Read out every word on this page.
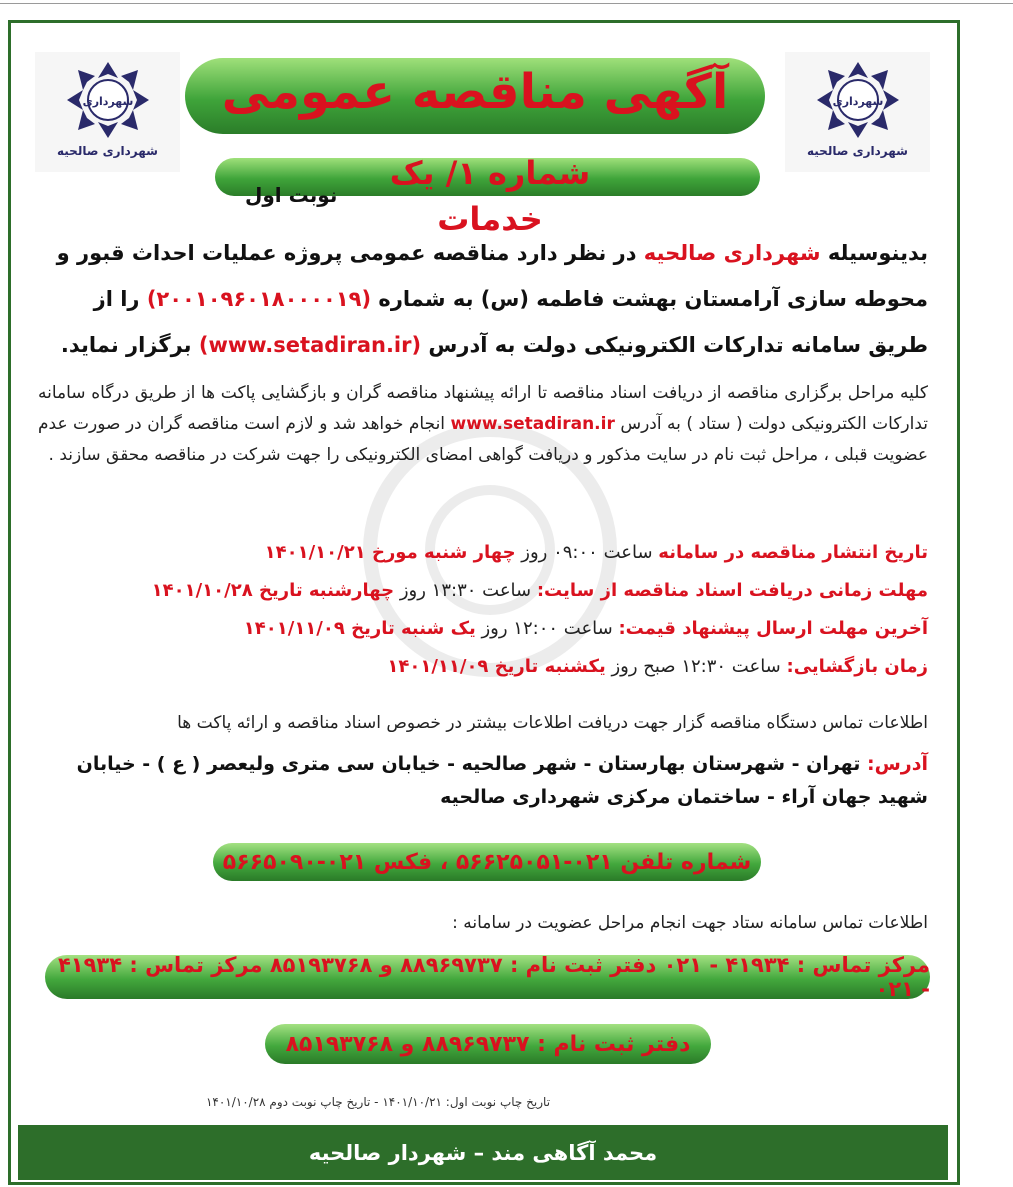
شهرداری
شهرداری صالحیه
شهرداری
شهرداری صالحیه
آگهی مناقصه عمومی
شماره ۱/ یک خدمات
نوبت اول
بدینوسیله شهرداری صالحیه در نظر دارد مناقصه عمومی پروژه عملیات احداث قبور و محوطه سازی آرامستان بهشت فاطمه (س) به شماره (۲۰۰۱۰۹۶۰۱۸۰۰۰۰۱۹) را از طریق سامانه تدارکات الکترونیکی دولت به آدرس (www.setadiran.ir) برگزار نماید.
کلیه مراحل برگزاری مناقصه از دریافت اسناد مناقصه تا ارائه پیشنهاد مناقصه گران و بازگشایی پاکت ها از طریق درگاه سامانه تدارکات الکترونیکی دولت ( ستاد ) به آدرس www.setadiran.ir انجام خواهد شد و لازم است مناقصه گران در صورت عدم عضویت قبلی ، مراحل ثبت نام در سایت مذکور و دریافت گواهی امضای الکترونیکی را جهت شرکت در مناقصه محقق سازند .
تاریخ انتشار مناقصه در سامانه ساعت ۰۹:۰۰ روز چهار شنبه مورخ ۱۴۰۱/۱۰/۲۱
مهلت زمانی دریافت اسناد مناقصه از سایت: ساعت ۱۳:۳۰ روز چهارشنبه تاریخ ۱۴۰۱/۱۰/۲۸
آخرین مهلت ارسال پیشنهاد قیمت: ساعت ۱۲:۰۰ روز یک شنبه تاریخ ۱۴۰۱/۱۱/۰۹
زمان بازگشایی: ساعت ۱۲:۳۰ صبح روز یکشنبه تاریخ ۱۴۰۱/۱۱/۰۹
اطلاعات تماس دستگاه مناقصه گزار جهت دریافت اطلاعات بیشتر در خصوص اسناد مناقصه و ارائه پاکت ها
آدرس: تهران - شهرستان بهارستان - شهر صالحیه - خیابان سی متری ولیعصر ( ع ) - خیابان شهید جهان آراء - ساختمان مرکزی شهرداری صالحیه
شماره تلفن ۰۲۱-۵۶۶۲۵۰۵۱ ، فکس ۰۲۱-۵۶۶۵۰۹۰
اطلاعات تماس سامانه ستاد جهت انجام مراحل عضویت در سامانه :
مرکز تماس : ۴۱۹۳۴ - ۰۲۱ دفتر ثبت نام : ۸۸۹۶۹۷۳۷ و ۸۵۱۹۳۷۶۸ مرکز تماس : ۴۱۹۳۴ - ۰۲۱
دفتر ثبت نام : ۸۸۹۶۹۷۳۷ و ۸۵۱۹۳۷۶۸
تاریخ چاپ نوبت اول: ۱۴۰۱/۱۰/۲۱ - تاریخ چاپ نوبت دوم ۱۴۰۱/۱۰/۲۸
محمد آگاهی مند – شهردار صالحیه
